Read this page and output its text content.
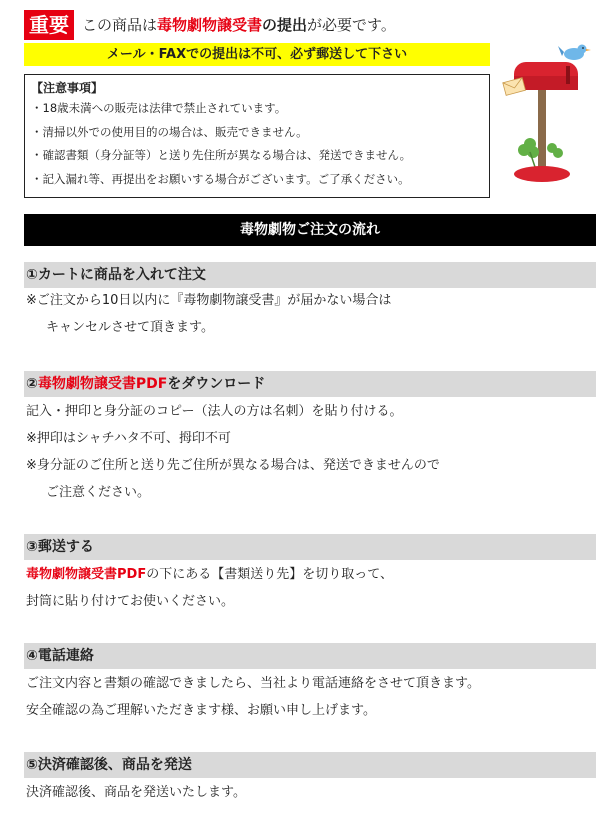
重要 この商品は毒物劇物譲受書の提出が必要です。
メール・FAXでの提出は不可、必ず郵送して下さい
【注意事項】
・18歳未満への販売は法律で禁止されています。
・清掃以外での使用目的の場合は、販売できません。
・確認書類（身分証等）と送り先住所が異なる場合は、発送できません。
・記入漏れ等、再提出をお願いする場合がございます。ご了承ください。
毒物劇物ご注文の流れ
①カートに商品を入れて注文
※ご注文から10日以内に『毒物劇物譲受書』が届かない場合は
キャンセルさせて頂きます。
②毒物劇物譲受書PDFをダウンロード
記入・押印と身分証のコピー（法人の方は名刺）を貼り付ける。
※押印はシャチハタ不可、拇印不可
※身分証のご住所と送り先ご住所が異なる場合は、発送できませんので
ご注意ください。
③郵送する
毒物劇物譲受書PDFの下にある【書類送り先】を切り取って、
封筒に貼り付けてお使いください。
④電話連絡
ご注文内容と書類の確認できましたら、当社より電話連絡をさせて頂きます。
安全確認の為ご理解いただきます様、お願い申し上げます。
⑤決済確認後、商品を発送
決済確認後、商品を発送いたします。
